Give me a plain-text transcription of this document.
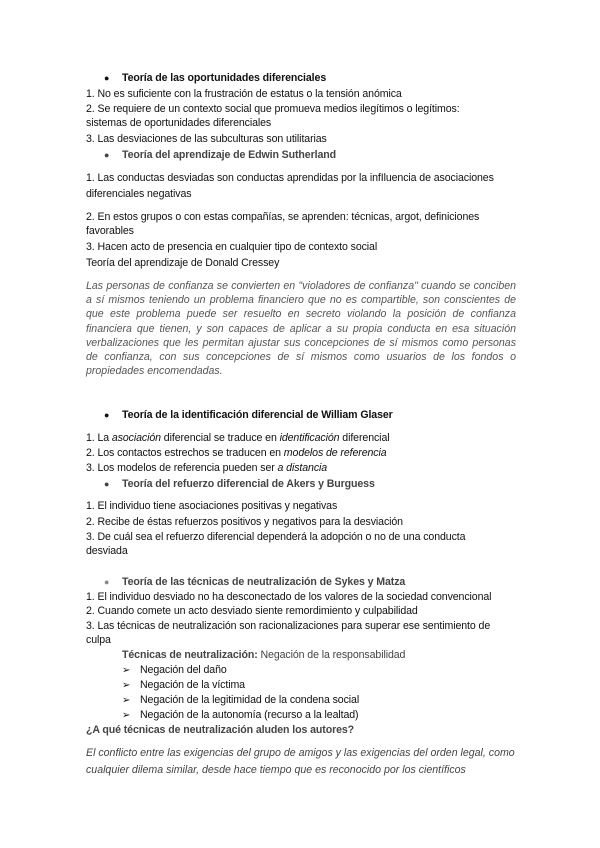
● Teoría de las oportunidades diferenciales
1. No es suficiente con la frustración de estatus o la tensión anómica
2. Se requiere de un contexto social que promueva medios ilegítimos o legítimos:
sistemas de oportunidades diferenciales
3. Las desviaciones de las subculturas son utilitarias
● Teoría del aprendizaje de Edwin Sutherland
1. Las conductas desviadas son conductas aprendidas por la infIluencia de asociaciones
diferenciales negativas
2. En estos grupos o con estas compañías, se aprenden: técnicas, argot, definiciones
favorables
3. Hacen acto de presencia en cualquier tipo de contexto social
Teoría del aprendizaje de Donald Cressey
Las personas de confianza se convierten en "violadores de confianza" cuando se conciben a sí mismos teniendo un problema financiero que no es compartible, son conscientes de que este problema puede ser resuelto en secreto violando la posición de confianza financiera que tienen, y son capaces de aplicar a su propia conducta en esa situación verbalizaciones que les permitan ajustar sus concepciones de sí mismos como personas de confianza, con sus concepciones de sí mismos como usuarios de los fondos o propiedades encomendadas.
● Teoría de la identificación diferencial de William Glaser
1. La asociación diferencial se traduce en identificación diferencial
2. Los contactos estrechos se traducen en modelos de referencia
3. Los modelos de referencia pueden ser a distancia
● Teoría del refuerzo diferencial de Akers y Burguess
1. El individuo tiene asociaciones positivas y negativas
2. Recibe de éstas refuerzos positivos y negativos para la desviación
3. De cuál sea el refuerzo diferencial dependerá la adopción o no de una conducta
desviada
● Teoría de las técnicas de neutralización de Sykes y Matza
1. El individuo desviado no ha desconectado de los valores de la sociedad convencional
2. Cuando comete un acto desviado siente remordimiento y culpabilidad
3. Las técnicas de neutralización son racionalizaciones para superar ese sentimiento de
culpa
Técnicas de neutralización: Negación de la responsabilidad
➢ Negación del daño
➢ Negación de la víctima
➢ Negación de la legitimidad de la condena social
➢ Negación de la autonomía (recurso a la lealtad)
¿A qué técnicas de neutralización aluden los autores?
El conflicto entre las exigencias del grupo de amigos y las exigencias del orden legal, como cualquier dilema similar, desde hace tiempo que es reconocido por los científicos
